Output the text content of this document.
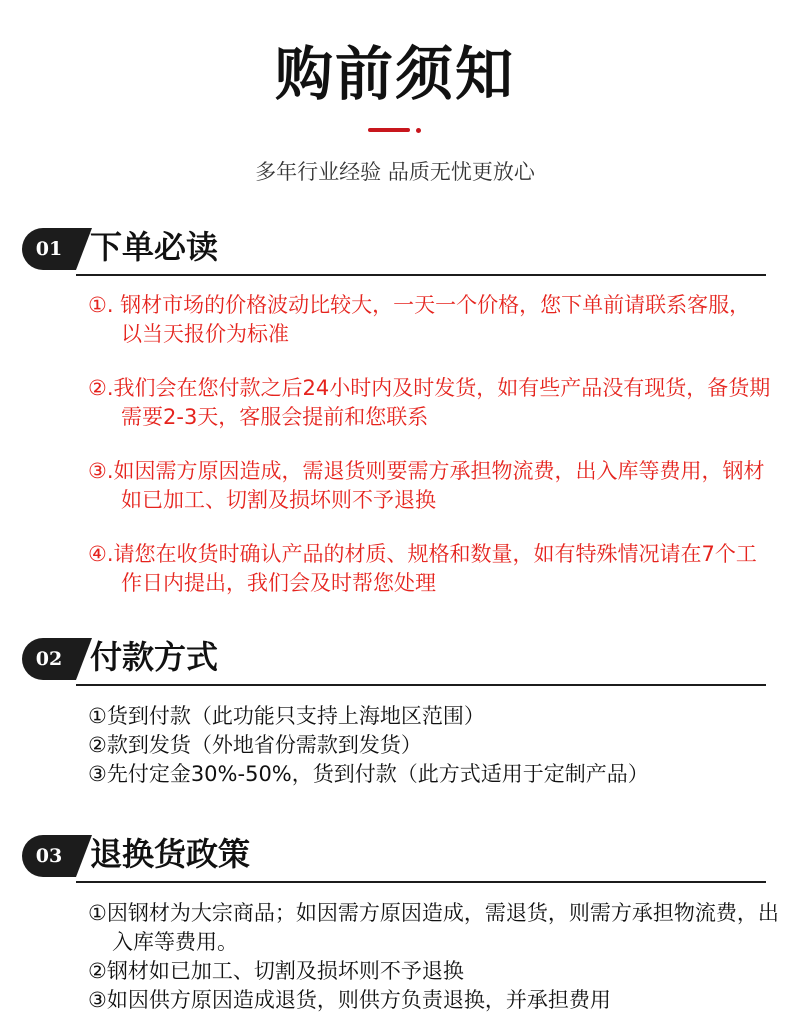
购前须知
多年行业经验 品质无忧更放心
01 下单必读
①. 钢材市场的价格波动比较大，一天一个价格，您下单前请联系客服，以当天报价为标准
②.我们会在您付款之后24小时内及时发货，如有些产品没有现货，备货期需要2-3天，客服会提前和您联系
③.如因需方原因造成，需退货则要需方承担物流费，出入库等费用，钢材如已加工、切割及损坏则不予退换
④.请您在收货时确认产品的材质、规格和数量，如有特殊情况请在7个工作日内提出，我们会及时帮您处理
02 付款方式
①货到付款（此功能只支持上海地区范围）
②款到发货（外地省份需款到发货）
③先付定金30%-50%，货到付款（此方式适用于定制产品）
03 退换货政策
①因钢材为大宗商品；如因需方原因造成，需退货，则需方承担物流费，出入库等费用。
②钢材如已加工、切割及损坏则不予退换
③如因供方原因造成退货，则供方负责退换，并承担费用
